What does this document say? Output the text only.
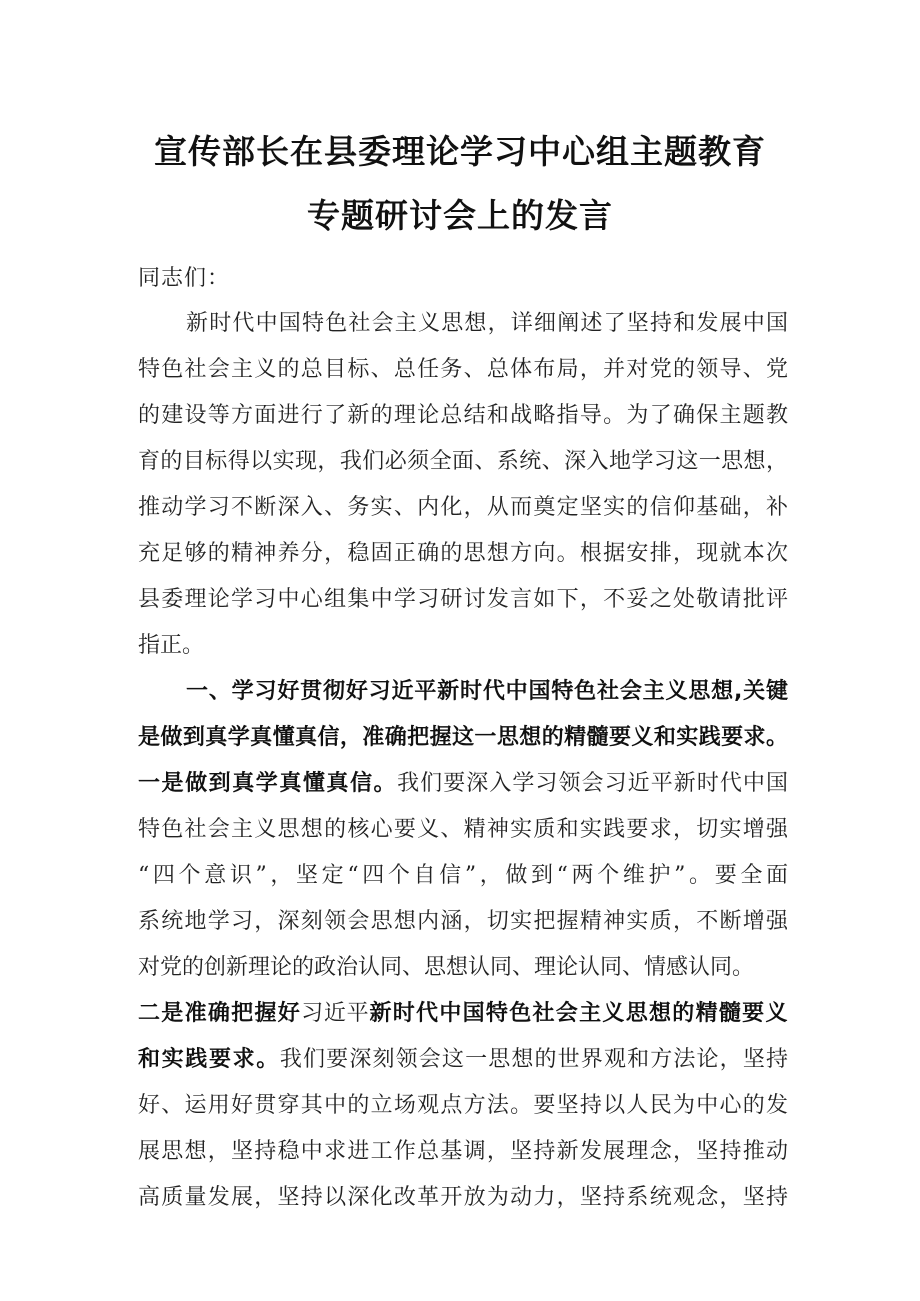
宣传部长在县委理论学习中心组主题教育
专题研讨会上的发言
同志们：
新时代中国特色社会主义思想，详细阐述了坚持和发展中国
特色社会主义的总目标、总任务、总体布局，并对党的领导、党
的建设等方面进行了新的理论总结和战略指导。为了确保主题教
育的目标得以实现，我们必须全面、系统、深入地学习这一思想，
推动学习不断深入、务实、内化，从而奠定坚实的信仰基础，补
充足够的精神养分，稳固正确的思想方向。根据安排，现就本次
县委理论学习中心组集中学习研讨发言如下，不妥之处敬请批评
指正。
一、学习好贯彻好习近平新时代中国特色社会主义思想,关键
是做到真学真懂真信，准确把握这一思想的精髓要义和实践要求。
一是做到真学真懂真信。我们要深入学习领会习近平新时代中国
特色社会主义思想的核心要义、精神实质和实践要求，切实增强
“四个意识”，坚定“四个自信”，做到“两个维护”。要全面
系统地学习，深刻领会思想内涵，切实把握精神实质，不断增强
对党的创新理论的政治认同、思想认同、理论认同、情感认同。
二是准确把握好习近平新时代中国特色社会主义思想的精髓要义
和实践要求。我们要深刻领会这一思想的世界观和方法论，坚持
好、运用好贯穿其中的立场观点方法。要坚持以人民为中心的发
展思想，坚持稳中求进工作总基调，坚持新发展理念，坚持推动
高质量发展，坚持以深化改革开放为动力，坚持系统观念，坚持
